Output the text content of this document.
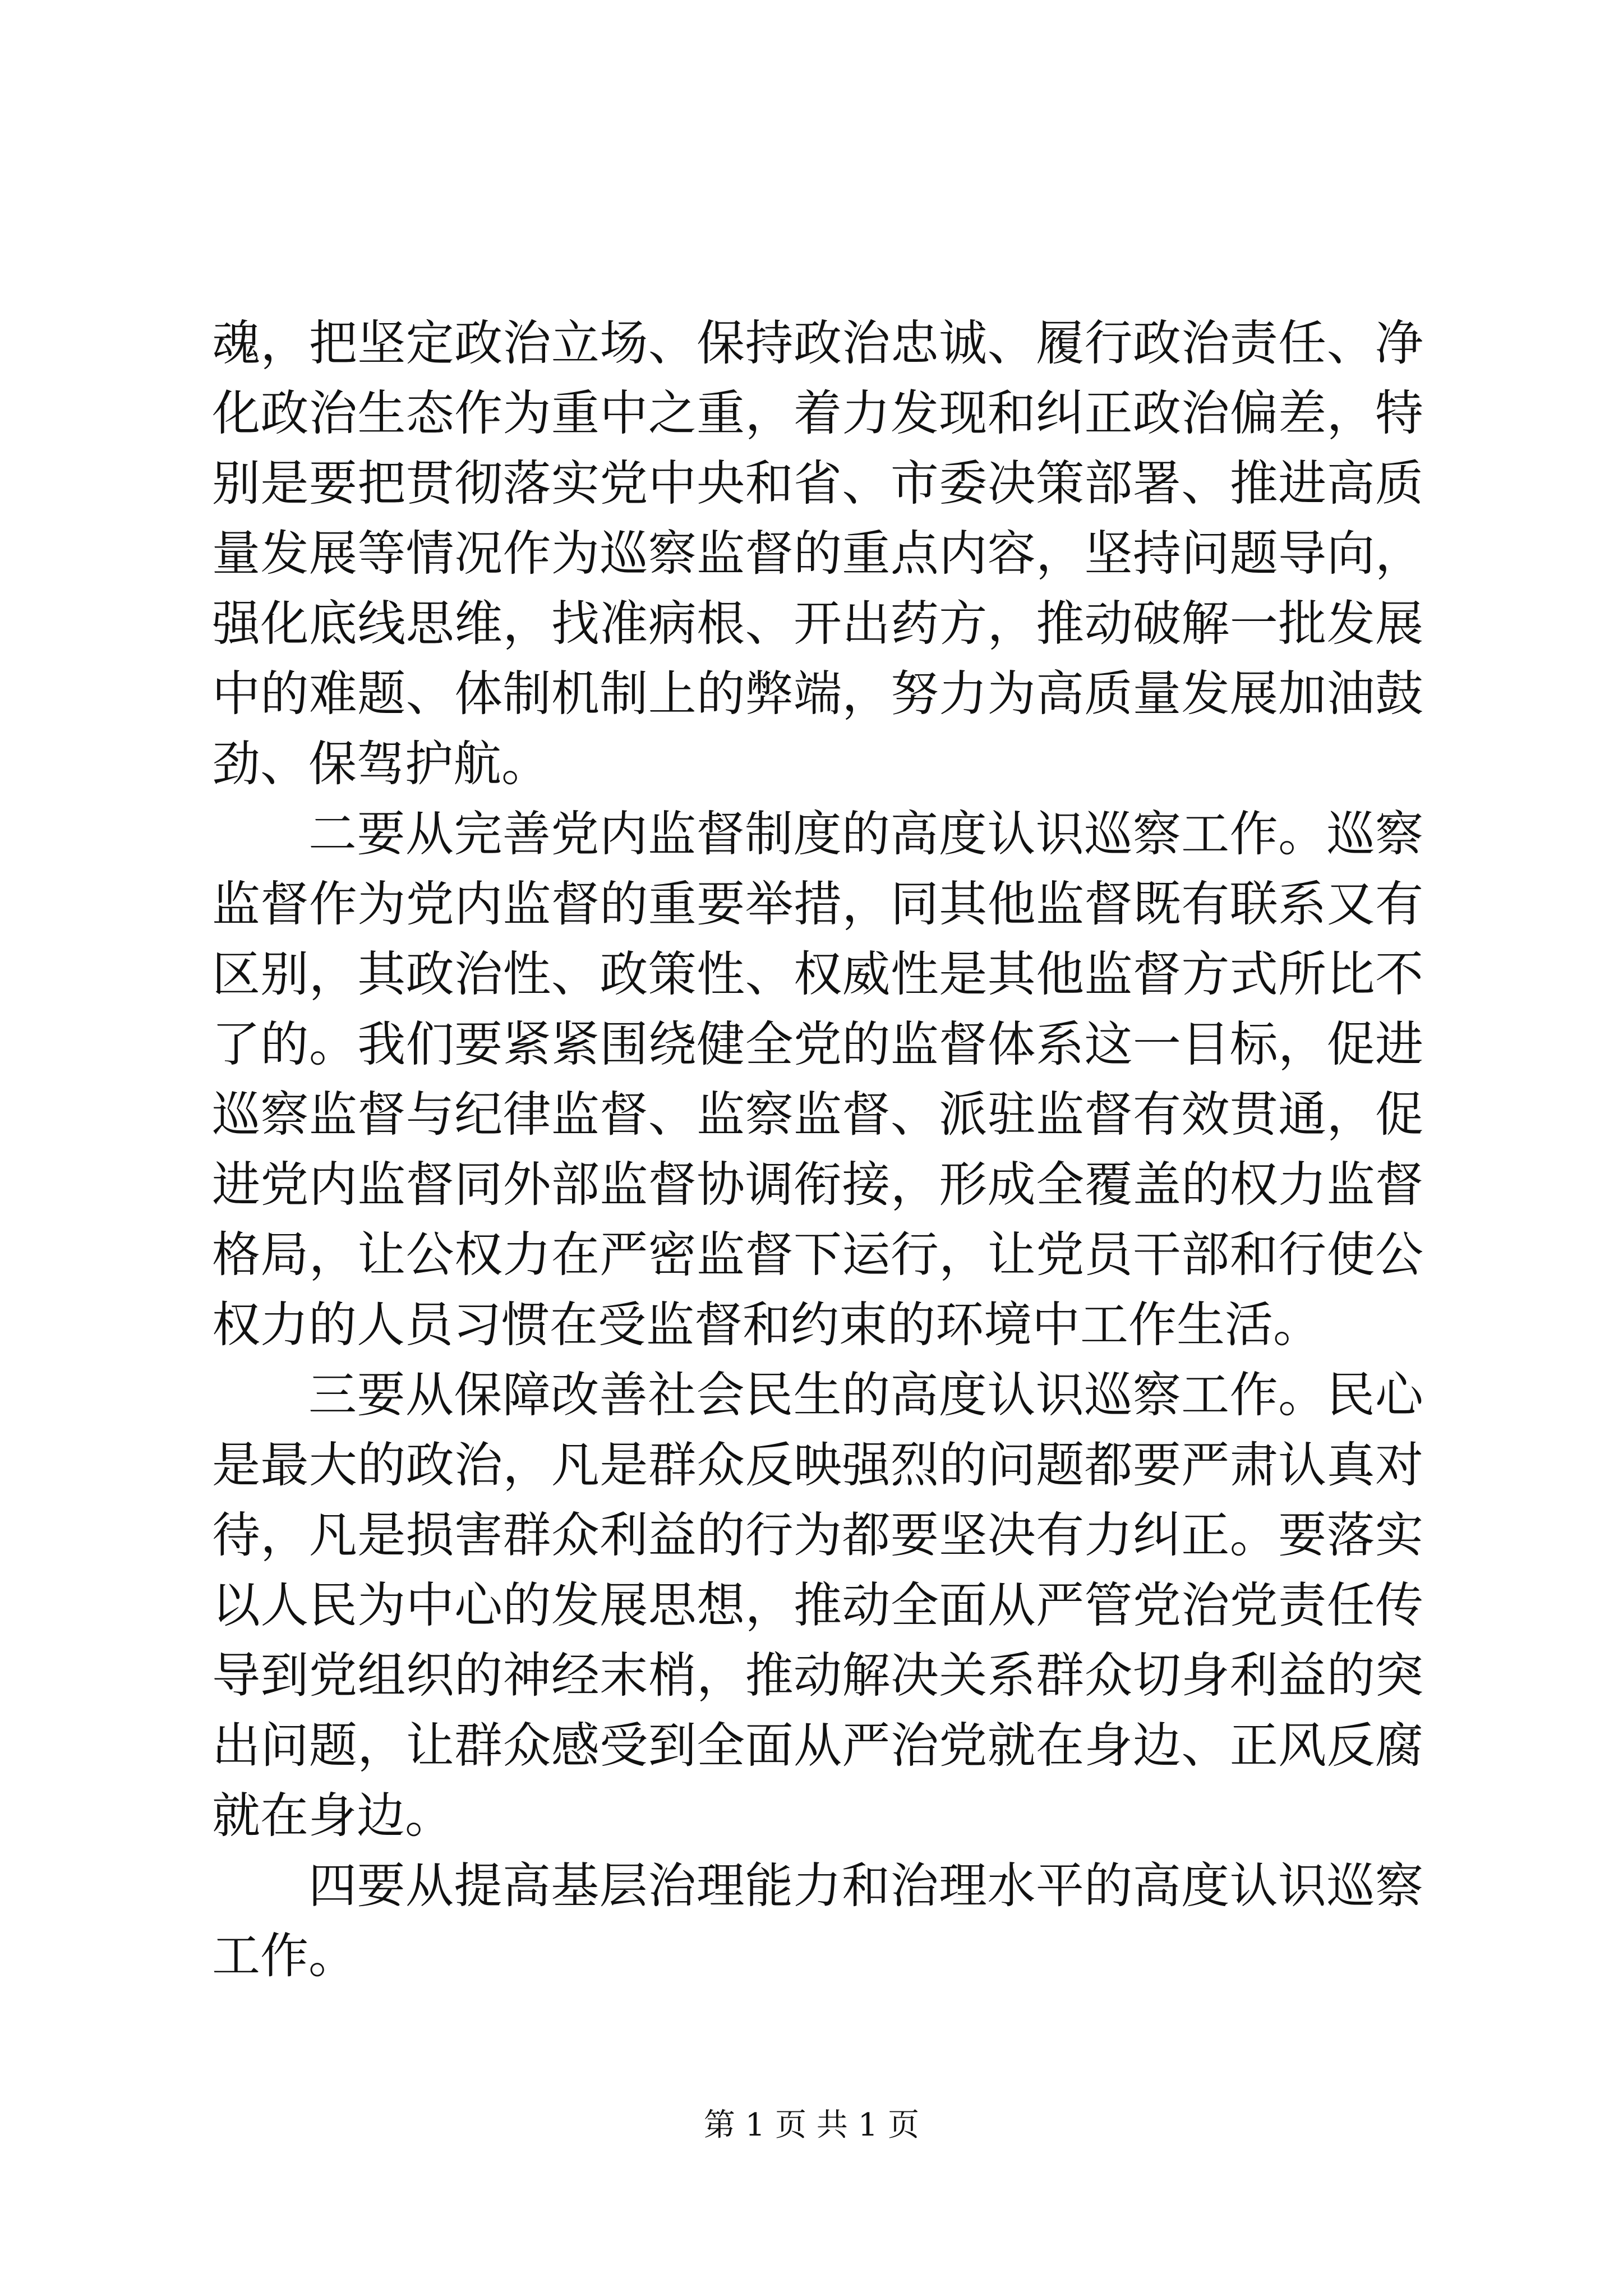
魂，把坚定政治立场、保持政治忠诚、履行政治责任、净化政治生态作为重中之重，着力发现和纠正政治偏差，特别是要把贯彻落实党中央和省、市委决策部署、推进高质量发展等情况作为巡察监督的重点内容，坚持问题导向，强化底线思维，找准病根、开出药方，推动破解一批发展中的难题、体制机制上的弊端，努力为高质量发展加油鼓劲、保驾护航。

二要从完善党内监督制度的高度认识巡察工作。巡察监督作为党内监督的重要举措，同其他监督既有联系又有区别，其政治性、政策性、权威性是其他监督方式所比不了的。我们要紧紧围绕健全党的监督体系这一目标，促进巡察监督与纪律监督、监察监督、派驻监督有效贯通，促进党内监督同外部监督协调衔接，形成全覆盖的权力监督格局，让公权力在严密监督下运行，让党员干部和行使公权力的人员习惯在受监督和约束的环境中工作生活。

三要从保障改善社会民生的高度认识巡察工作。民心是最大的政治，凡是群众反映强烈的问题都要严肃认真对待，凡是损害群众利益的行为都要坚决有力纠正。要落实以人民为中心的发展思想，推动全面从严管党治党责任传导到党组织的神经末梢，推动解决关系群众切身利益的突出问题，让群众感受到全面从严治党就在身边、正风反腐就在身边。

四要从提高基层治理能力和治理水平的高度认识巡察工作。

第 1 页 共 1 页
